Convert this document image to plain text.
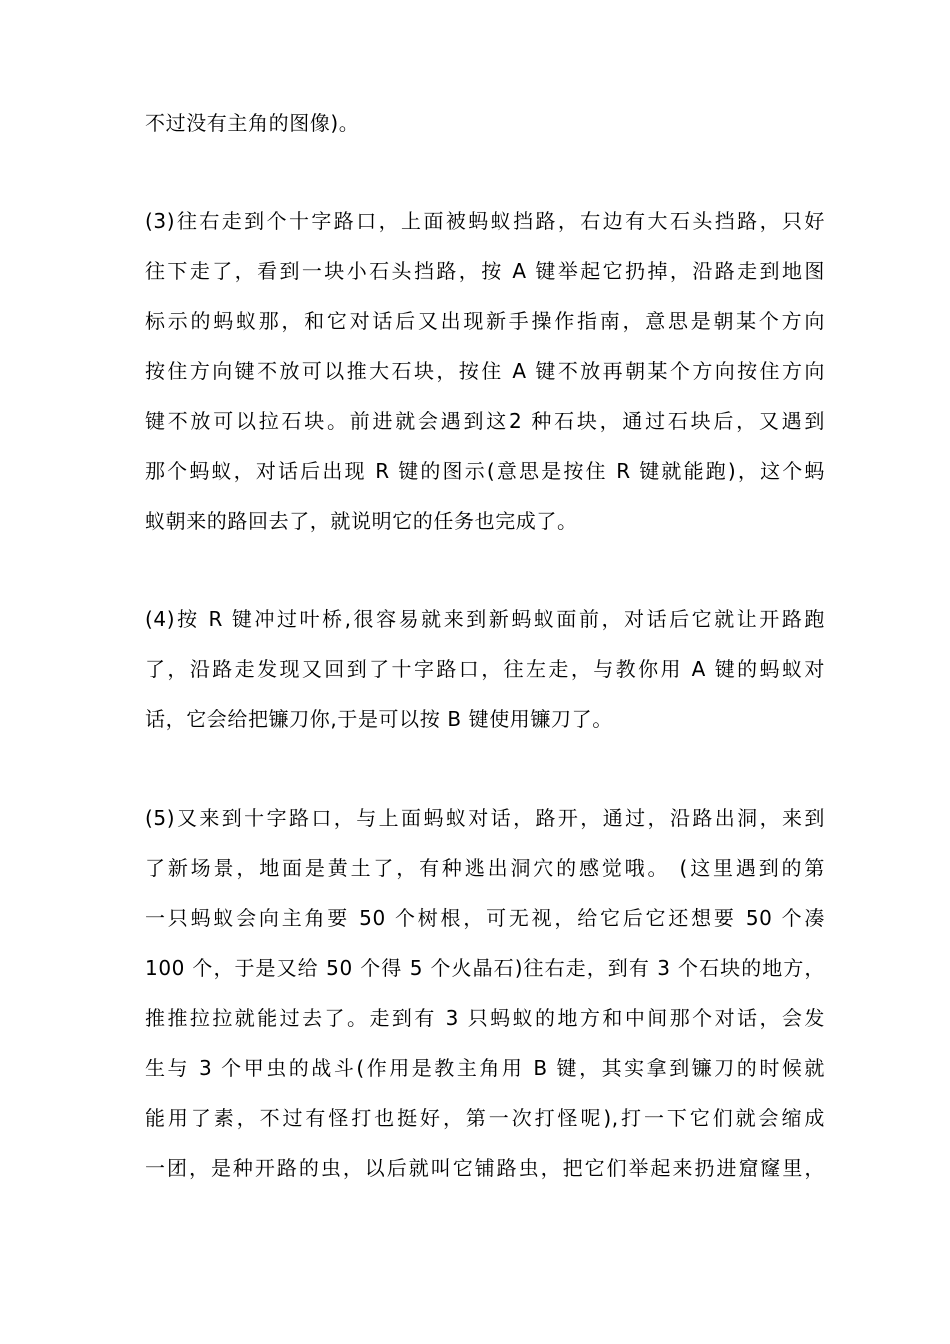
不过没有主角的图像)。
(3)往右走到个十字路口，上面被蚂蚁挡路，右边有大石头挡路，只好
往下走了，看到一块小石头挡路，按 A 键举起它扔掉，沿路走到地图
标示的蚂蚁那，和它对话后又出现新手操作指南，意思是朝某个方向
按住方向键不放可以推大石块，按住 A 键不放再朝某个方向按住方向
键不放可以拉石块。前进就会遇到这2 种石块，通过石块后，又遇到
那个蚂蚁，对话后出现 R 键的图示(意思是按住 R 键就能跑)，这个蚂
蚁朝来的路回去了，就说明它的任务也完成了。
(4)按 R 键冲过叶桥,很容易就来到新蚂蚁面前，对话后它就让开路跑
了，沿路走发现又回到了十字路口，往左走，与教你用 A 键的蚂蚁对
话，它会给把镰刀你,于是可以按 B 键使用镰刀了。
(5)又来到十字路口，与上面蚂蚁对话，路开，通过，沿路出洞，来到
了新场景，地面是黄土了，有种逃出洞穴的感觉哦。 (这里遇到的第
一只蚂蚁会向主角要 50 个树根，可无视，给它后它还想要 50 个凑
100 个，于是又给 50 个得 5 个火晶石)往右走，到有 3 个石块的地方，
推推拉拉就能过去了。走到有 3 只蚂蚁的地方和中间那个对话，会发
生与 3 个甲虫的战斗(作用是教主角用 B 键，其实拿到镰刀的时候就
能用了素，不过有怪打也挺好，第一次打怪呢),打一下它们就会缩成
一团，是种开路的虫，以后就叫它铺路虫，把它们举起来扔进窟窿里，
